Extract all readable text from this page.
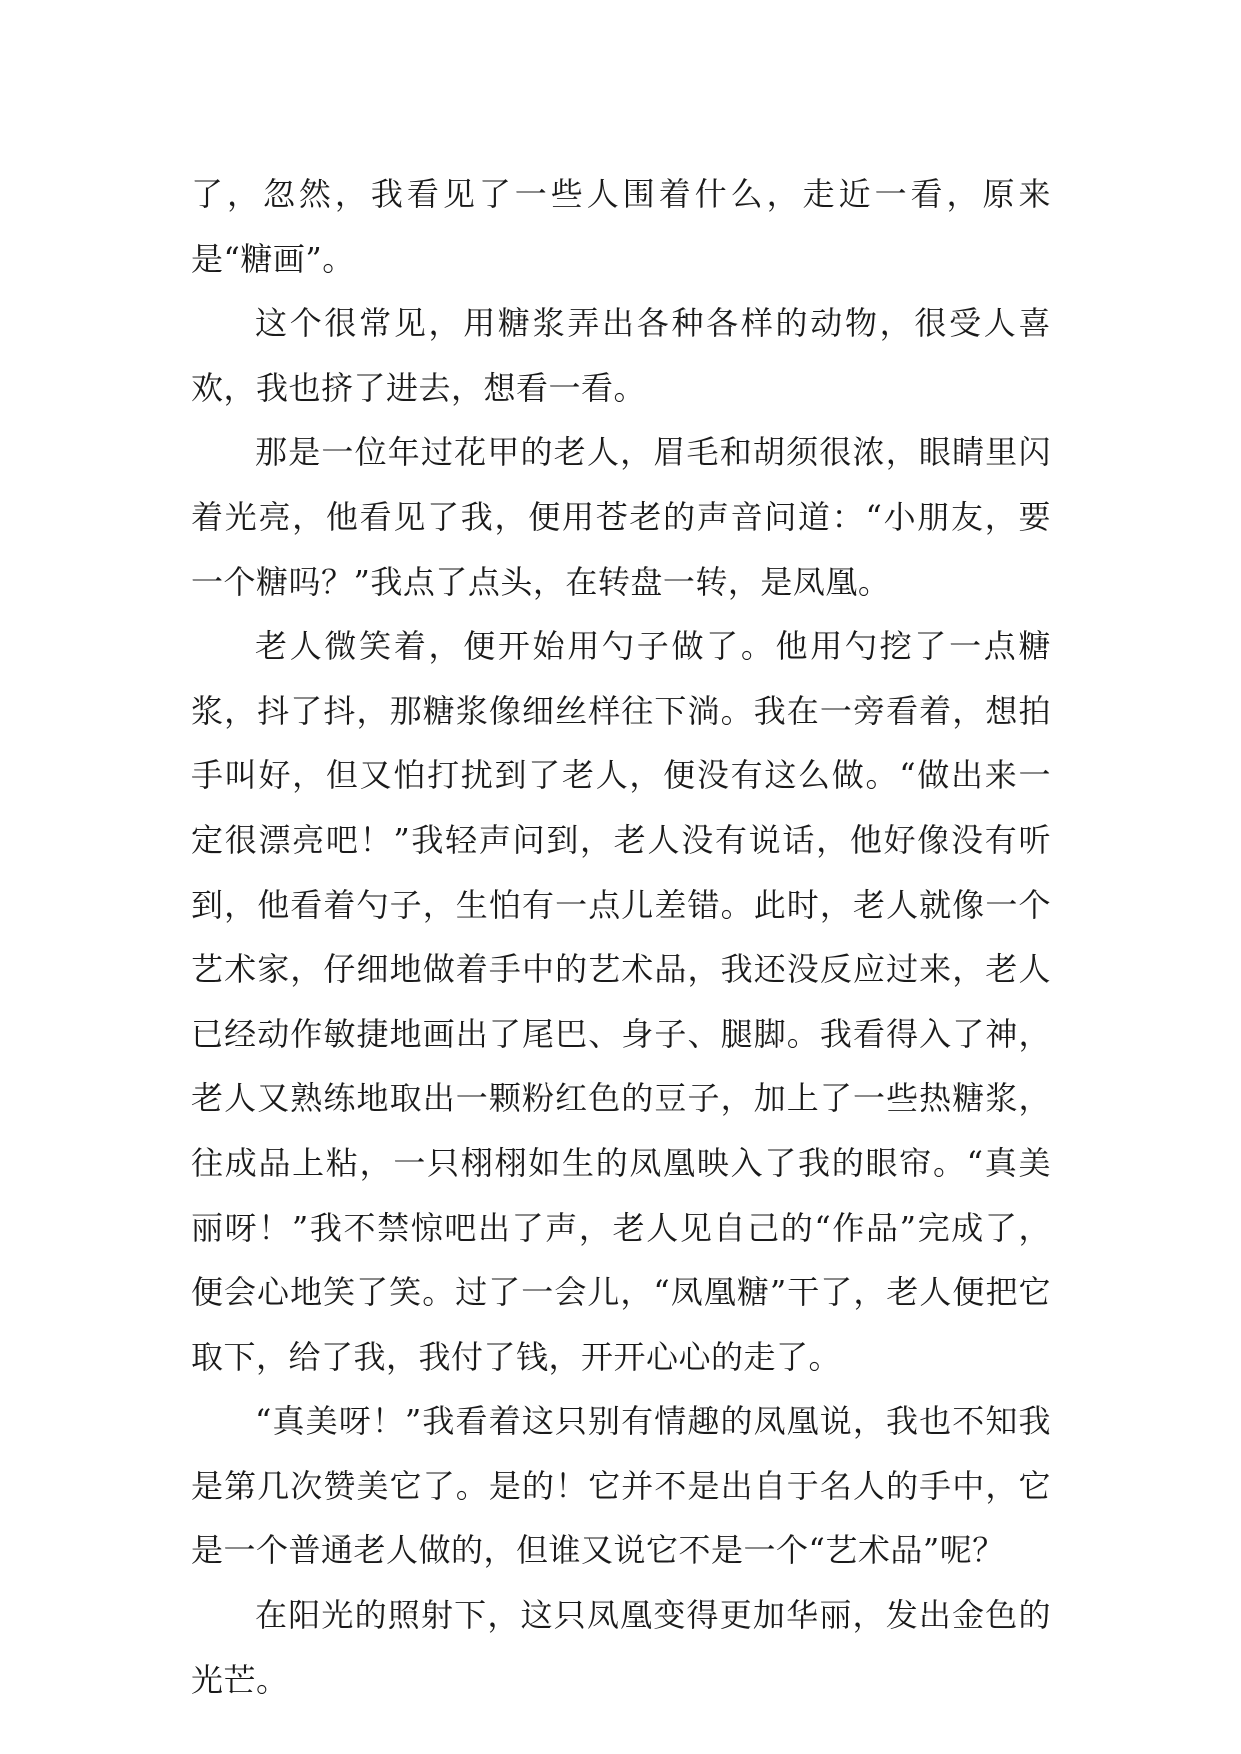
了，忽然，我看见了一些人围着什么，走近一看，原来是“糖画”。

这个很常见，用糖浆弄出各种各样的动物，很受人喜欢，我也挤了进去，想看一看。

那是一位年过花甲的老人，眉毛和胡须很浓，眼睛里闪着光亮，他看见了我，便用苍老的声音问道：“小朋友，要一个糖吗？”我点了点头，在转盘一转，是凤凰。

老人微笑着，便开始用勺子做了。他用勺挖了一点糖浆，抖了抖，那糖浆像细丝样往下淌。我在一旁看着，想拍手叫好，但又怕打扰到了老人，便没有这么做。“做出来一定很漂亮吧！”我轻声问到，老人没有说话，他好像没有听到，他看着勺子，生怕有一点儿差错。此时，老人就像一个艺术家，仔细地做着手中的艺术品，我还没反应过来，老人已经动作敏捷地画出了尾巴、身子、腿脚。我看得入了神，老人又熟练地取出一颗粉红色的豆子，加上了一些热糖浆，往成品上粘，一只栩栩如生的凤凰映入了我的眼帘。“真美丽呀！”我不禁惊吧出了声，老人见自己的“作品”完成了，便会心地笑了笑。过了一会儿，“凤凰糖”干了，老人便把它取下，给了我，我付了钱，开开心心的走了。

“真美呀！”我看着这只别有情趣的凤凰说，我也不知我是第几次赞美它了。是的！它并不是出自于名人的手中，它是一个普通老人做的，但谁又说它不是一个“艺术品”呢？

在阳光的照射下，这只凤凰变得更加华丽，发出金色的光芒。
